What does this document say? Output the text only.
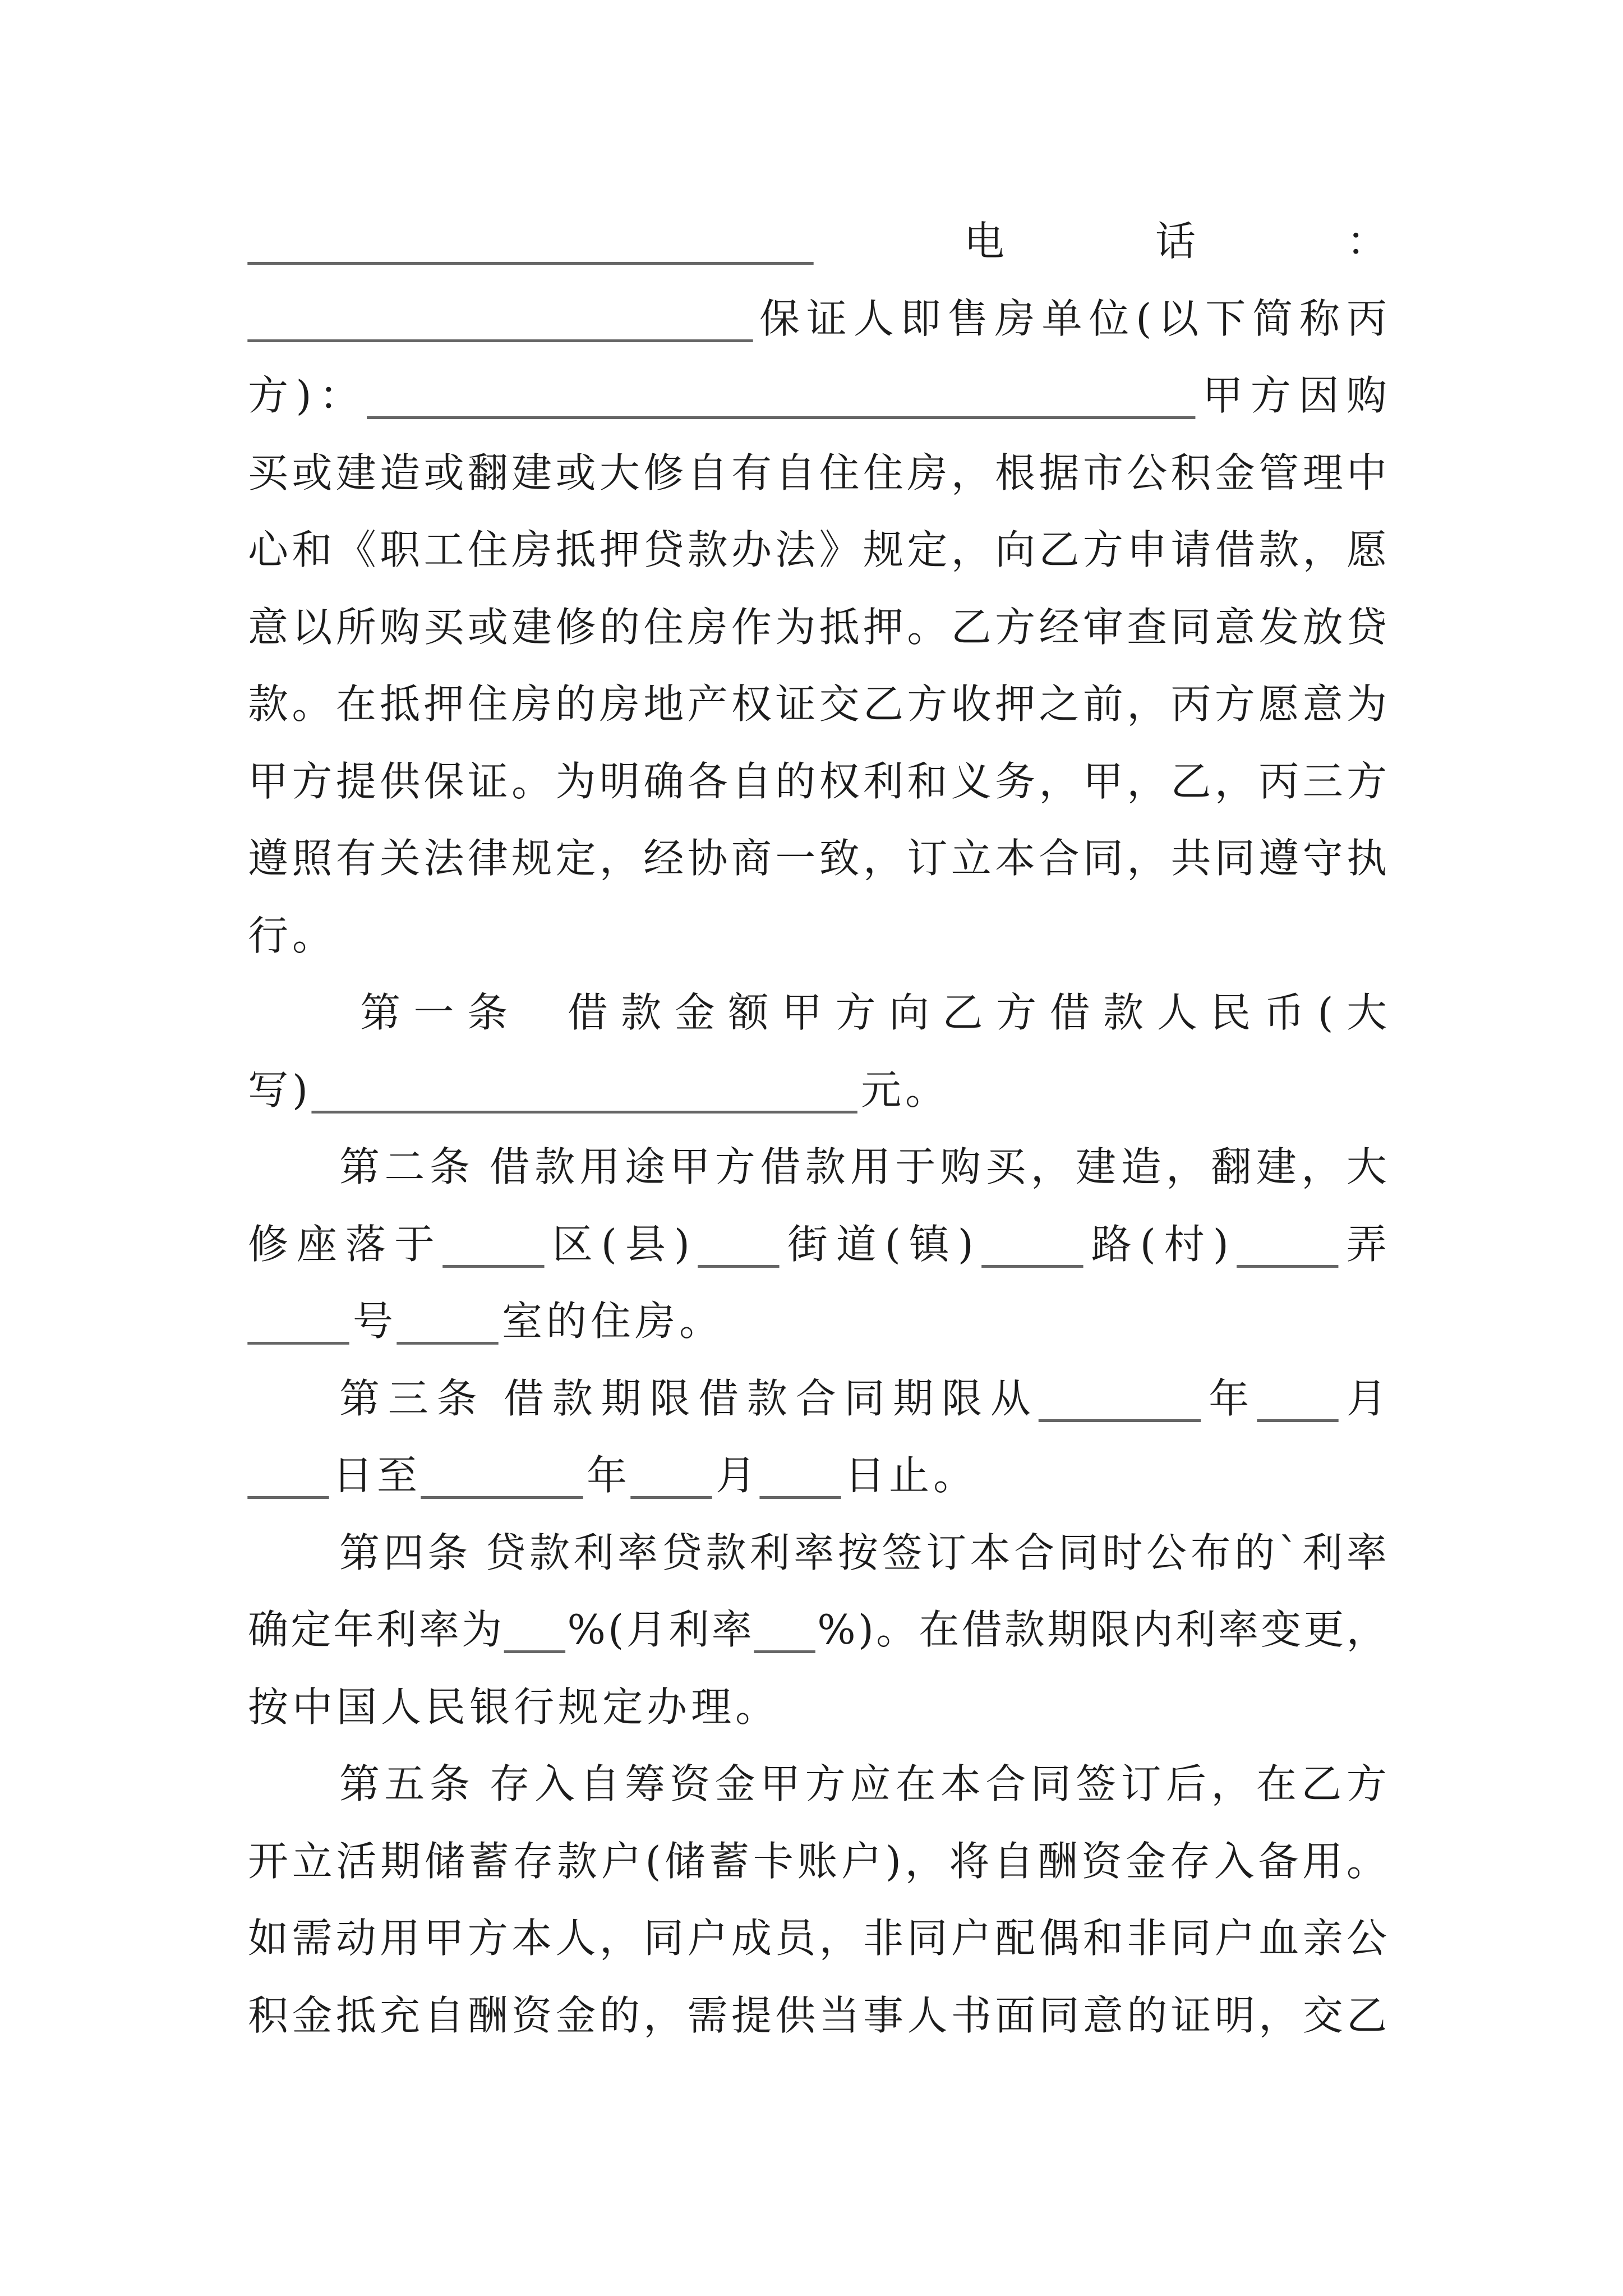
____________________________	电	话	：
_________________________ 保 证 人 即 售 房 单 位 ( 以 下 简 称 丙
方 ) ： _________________________________________ 甲 方 因 购
买 或 建 造 或 翻 建 或 大 修 自 有 自 住 住 房 ， 根 据 市 公 积 金 管 理 中
心 和 《 职 工 住 房 抵 押 贷 款 办 法 》 规 定 ， 向 乙 方 申 请 借 款 ， 愿
意 以 所 购 买 或 建 修 的 住 房 作 为 抵 押 。 乙 方 经 审 查 同 意 发 放 贷
款 。 在 抵 押 住 房 的 房 地 产 权 证 交 乙 方 收 押 之 前 ， 丙 方 愿 意 为
甲 方 提 供 保 证 。 为 明 确 各 自 的 权 利 和 义 务 ， 甲 ， 乙 ， 丙 三 方
遵 照 有 关 法 律 规 定 ， 经 协 商 一 致 ， 订 立 本 合 同 ， 共 同 遵 守 执
行 。
第 一 条

借 款 金 额 甲 方 向 乙 方 借 款 人 民 币 ( 大
写 ) ___________________________ 元 。
第 二 条
借 款 用 途 甲 方 借 款 用 于 购 买 ， 建 造 ， 翻 建 ， 大
修 座 落 于 _____ 区 ( 县 ) ____ 街 道 ( 镇 ) _____ 路 ( 村 ) _____ 弄
_____ 号 _____ 室 的 住 房 。
第 三 条
借 款 期 限 借 款 合 同 期 限 从 ________ 年 ____ 月
____ 日 至 ________ 年 ____ 月 ____ 日 止 。
第 四 条
贷 款 利 率 贷 款 利 率 按 签 订 本 合 同 时 公 布 的 ` 利 率
确 定 年 利 率 为 ___ % ( 月 利 率 ___ % ) 。 在 借 款 期 限 内 利 率 变 更 ，
按 中 国 人 民 银 行 规 定 办 理 。
第 五 条
存 入 自 筹 资 金 甲 方 应 在 本 合 同 签 订 后 ， 在 乙 方
开 立 活 期 储 蓄 存 款 户 ( 储 蓄 卡 账 户 ) ， 将 自 酬 资 金 存 入 备 用 。
如 需 动 用 甲 方 本 人 ， 同 户 成 员 ， 非 同 户 配 偶 和 非 同 户 血 亲 公
积 金 抵 充 自 酬 资 金 的 ， 需 提 供 当 事 人 书 面 同 意 的 证 明 ， 交 乙
